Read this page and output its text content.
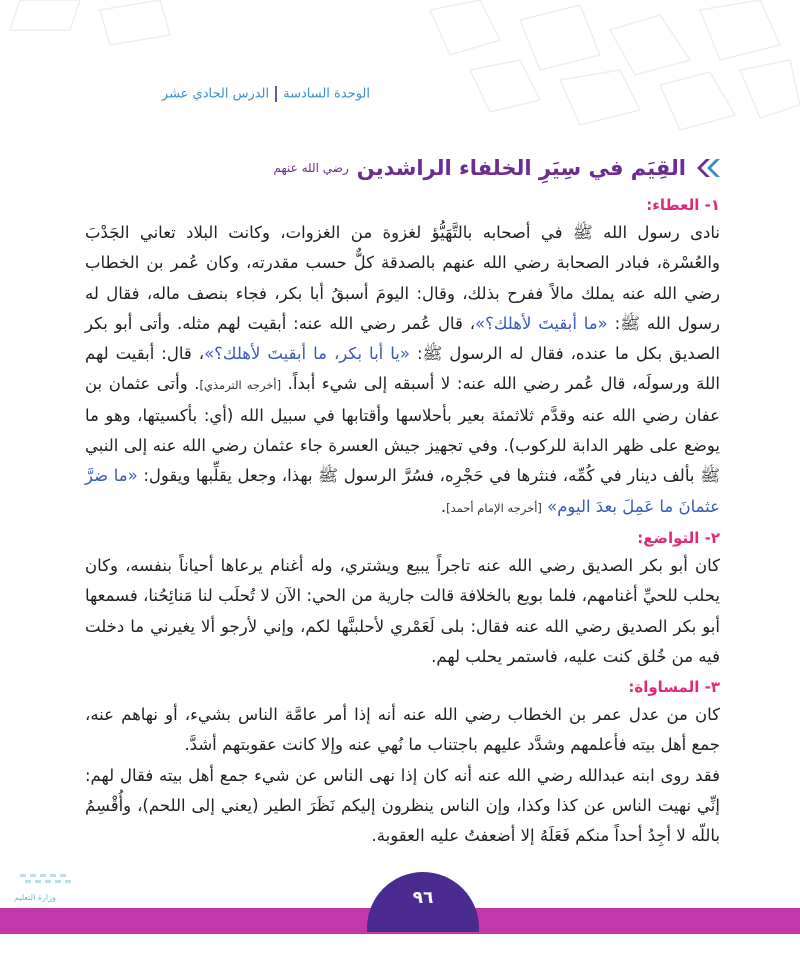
الوحدة السادسةالدرس الحادي عشر
القِيَم في سِيَرِ الخلفاء الراشدين
رضي الله عنهم
١- العطاء:

نادى رسول الله ﷺ في أصحابه بالتَّهَيُّؤ لغزوة من الغزوات، وكانت البلاد تعاني الجَدْبَ والعُسْرة، فبادر الصحابة رضي الله عنهم بالصدقة كلٌّ حسب مقدرته، وكان عُمر بن الخطاب رضي الله عنه يملك مالاً ففرح بذلك، وقال: اليومَ أسبقُ أبا بكر، فجاء بنصف ماله، فقال له رسول الله ﷺ: «ما أبقيتَ لأهلك؟»، قال عُمر رضي الله عنه: أبقيت لهم مثله. وأتى أبو بكر الصديق بكل ما عنده، فقال له الرسول ﷺ: «يا أبا بكر، ما أبقيتَ لأهلك؟»، قال: أبقيت لهم اللهَ ورسولَه، قال عُمر رضي الله عنه: لا أسبقه إلى شيء أبداً. [أخرجه الترمذي]. وأتى عثمان بن عفان رضي الله عنه وقدَّم ثلاثمئة بعير بأحلاسها وأقتابها في سبيل الله (أي: بأكسيتها، وهو ما يوضع على ظهر الدابة للركوب). وفي تجهيز جيش العسرة جاء عثمان رضي الله عنه إلى النبي ﷺ بألف دينار في كُمِّه، فنثرها في حَجْرِه، فسُرَّ الرسول ﷺ بهذا، وجعل يقلِّبها ويقول: «ما ضرَّ عثمانَ ما عَمِلَ بعدَ اليوم» [أخرجه الإمام أحمد].

٢- التواضع:

كان أبو بكر الصديق رضي الله عنه تاجراً يبيع ويشتري، وله أغنام يرعاها أحياناً بنفسه، وكان يحلب للحيِّ أغنامهم، فلما بويع بالخلافة قالت جارية من الحي: الآن لا تُحلَب لنا مَنائِحُنا، فسمعها أبو بكر الصديق رضي الله عنه فقال: بلى لَعَمْري لأحلبنَّها لكم، وإني لأرجو ألا يغيرني ما دخلت فيه من خُلق كنت عليه، فاستمر يحلب لهم.

٣- المساواة:

كان من عدل عمر بن الخطاب رضي الله عنه أنه إذا أمر عامَّة الناس بشيء، أو نهاهم عنه، جمع أهل بيته فأعلمهم وشدَّد عليهم باجتناب ما نُهي عنه وإلا كانت عقوبتهم أشدَّ.

فقد روى ابنه عبدالله رضي الله عنه أنه كان إذا نهى الناس عن شيء جمع أهل بيته فقال لهم: إنِّي نهيت الناس عن كذا وكذا، وإن الناس ينظرون إليكم نَظَرَ الطير (يعني إلى اللحم)، وأُقْسِمُ باللّه لا أجِدُ أحداً منكم فَعَلَهُ إلا أضعفتُ عليه العقوبة.

٩٦
وزارة التعليم
